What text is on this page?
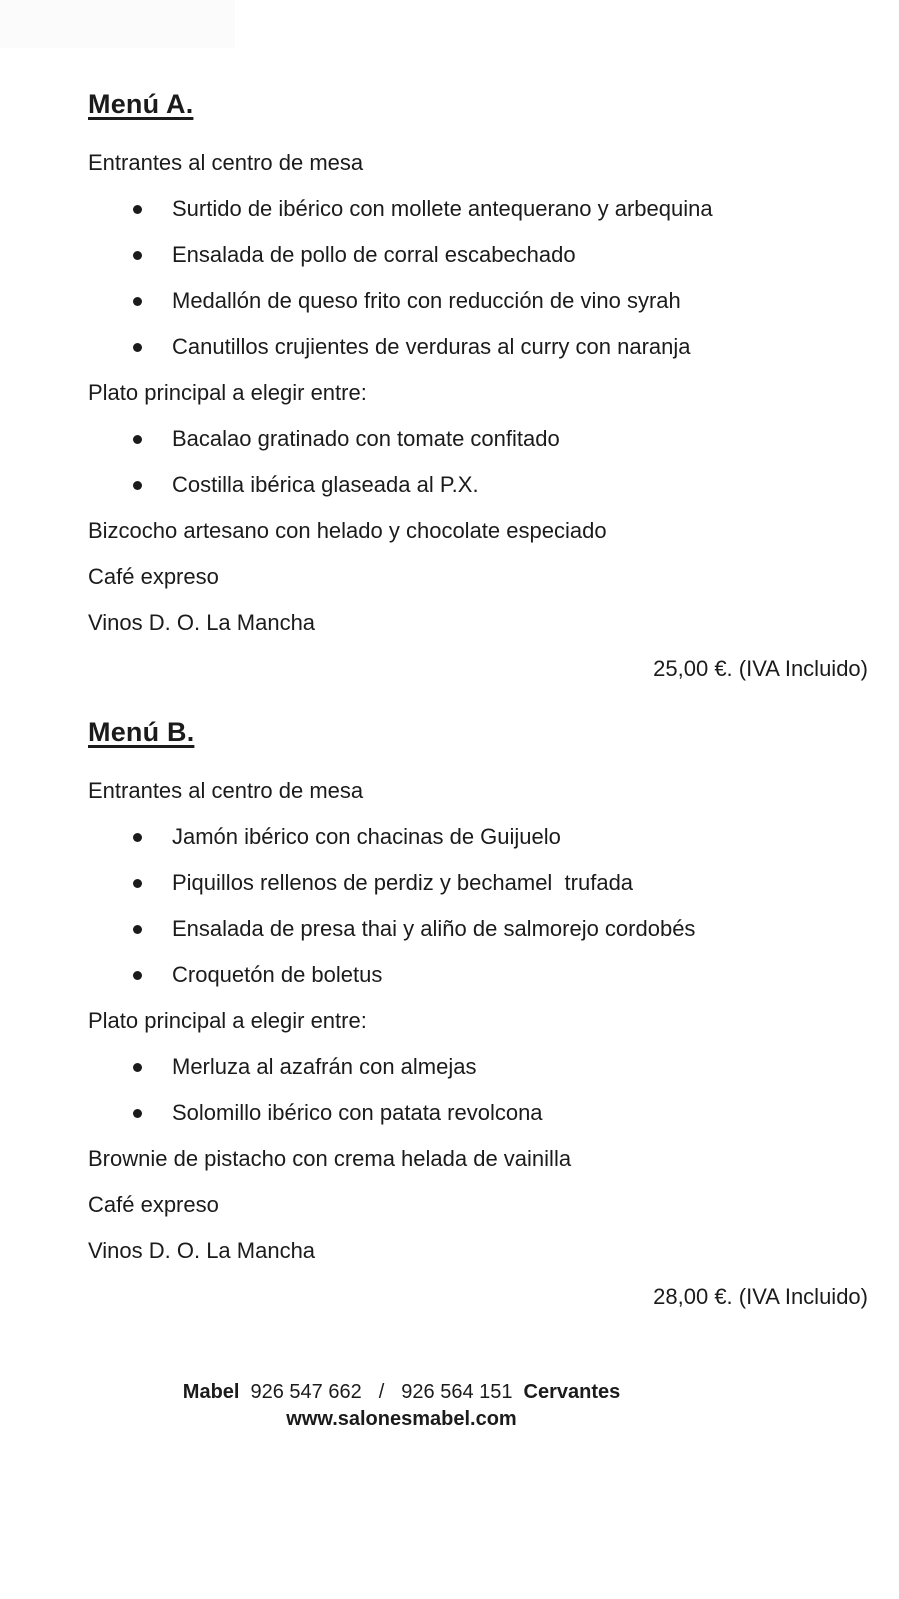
Menú A.

Entrantes al centro de mesa

Surtido de ibérico con mollete antequerano y arbequina
Ensalada de pollo de corral escabechado
Medallón de queso frito con reducción de vino syrah
Canutillos crujientes de verduras al curry con naranja

Plato principal a elegir entre:

Bacalao gratinado con tomate confitado
Costilla ibérica glaseada al P.X.

Bizcocho artesano con helado y chocolate especiado

Café expreso

Vinos D. O. La Mancha

25,00 €. (IVA Incluido)

Menú B.

Entrantes al centro de mesa

Jamón ibérico con chacinas de Guijuelo
Piquillos rellenos de perdiz y bechamel  trufada
Ensalada de presa thai y aliño de salmorejo cordobés
Croquetón de boletus

Plato principal a elegir entre:

Merluza al azafrán con almejas
Solomillo ibérico con patata revolcona

Brownie de pistacho con crema helada de vainilla

Café expreso

Vinos D. O. La Mancha

28,00 €. (IVA Incluido)

Mabel 926 547 662 / 926 564 151 Cervantes
www.salonesmabel.com
